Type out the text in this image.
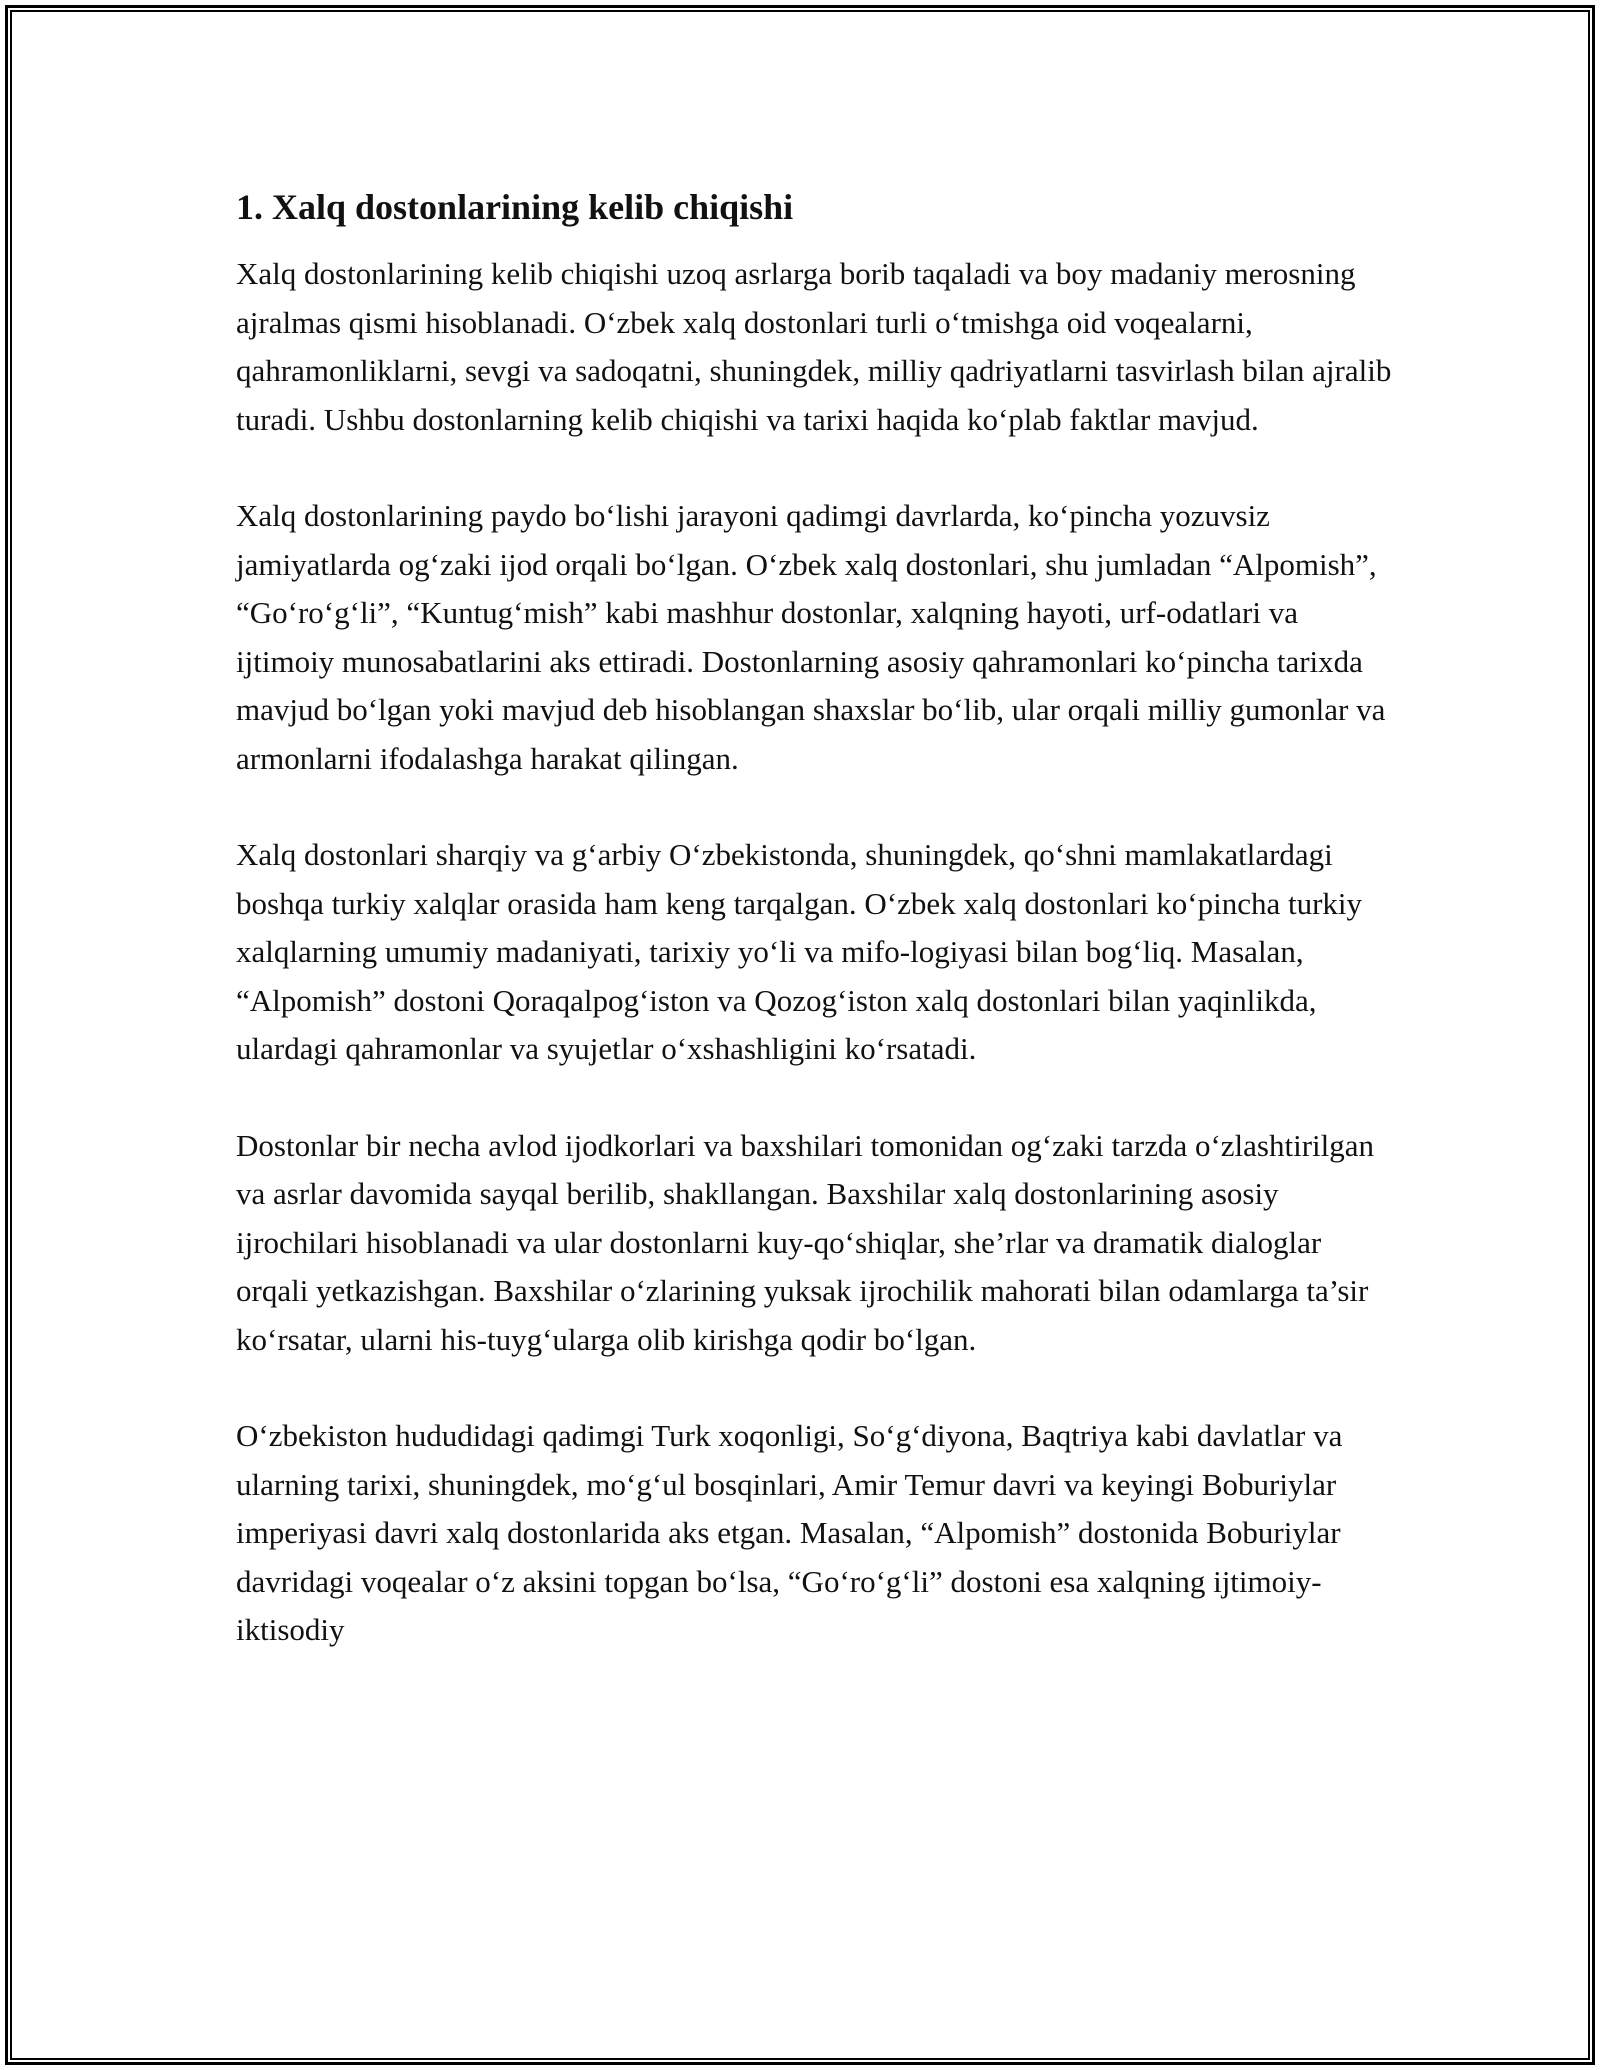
1. Xalq dostonlarining kelib chiqishi

Xalq dostonlarining kelib chiqishi uzoq asrlarga borib taqaladi va boy madaniy merosning ajralmas qismi hisoblanadi. O‘zbek xalq dostonlari turli o‘tmishga oid voqealarni, qahramonliklarni, sevgi va sadoqatni, shuningdek, milliy qadriyatlarni tasvirlash bilan ajralib turadi. Ushbu dostonlarning kelib chiqishi va tarixi haqida ko‘plab faktlar mavjud.

Xalq dostonlarining paydo bo‘lishi jarayoni qadimgi davrlarda, ko‘pincha yozuvsiz jamiyatlarda og‘zaki ijod orqali bo‘lgan. O‘zbek xalq dostonlari, shu jumladan “Alpomish”, “Go‘ro‘g‘li”, “Kuntug‘mish” kabi mashhur dostonlar, xalqning hayoti, urf-odatlari va ijtimoiy munosabatlarini aks ettiradi. Dostonlarning asosiy qahramonlari ko‘pincha tarixda mavjud bo‘lgan yoki mavjud deb hisoblangan shaxslar bo‘lib, ular orqali milliy gumonlar va armonlarni ifodalashga harakat qilingan.

Xalq dostonlari sharqiy va g‘arbiy O‘zbekistonda, shuningdek, qo‘shni mamlakatlardagi boshqa turkiy xalqlar orasida ham keng tarqalgan. O‘zbek xalq dostonlari ko‘pincha turkiy xalqlarning umumiy madaniyati, tarixiy yo‘li va mifo-logiyasi bilan bog‘liq. Masalan, “Alpomish” dostoni Qoraqalpog‘iston va Qozog‘iston xalq dostonlari bilan yaqinlikda, ulardagi qahramonlar va syujetlar o‘xshashligini ko‘rsatadi.

Dostonlar bir necha avlod ijodkorlari va baxshilari tomonidan og‘zaki tarzda o‘zlashtirilgan va asrlar davomida sayqal berilib, shakllangan. Baxshilar xalq dostonlarining asosiy ijrochilari hisoblanadi va ular dostonlarni kuy-qo‘shiqlar, she’rlar va dramatik dialoglar orqali yetkazishgan. Baxshilar o‘zlarining yuksak ijrochilik mahorati bilan odamlarga ta’sir ko‘rsatar, ularni his-tuyg‘ularga olib kirishga qodir bo‘lgan.

O‘zbekiston hududidagi qadimgi Turk xoqonligi, So‘g‘diyona, Baqtriya kabi davlatlar va ularning tarixi, shuningdek, mo‘g‘ul bosqinlari, Amir Temur davri va keyingi Boburiylar imperiyasi davri xalq dostonlarida aks etgan. Masalan, “Alpomish” dostonida Boburiylar davridagi voqealar o‘z aksini topgan bo‘lsa, “Go‘ro‘g‘li” dostoni esa xalqning ijtimoiy-iktisodiy
